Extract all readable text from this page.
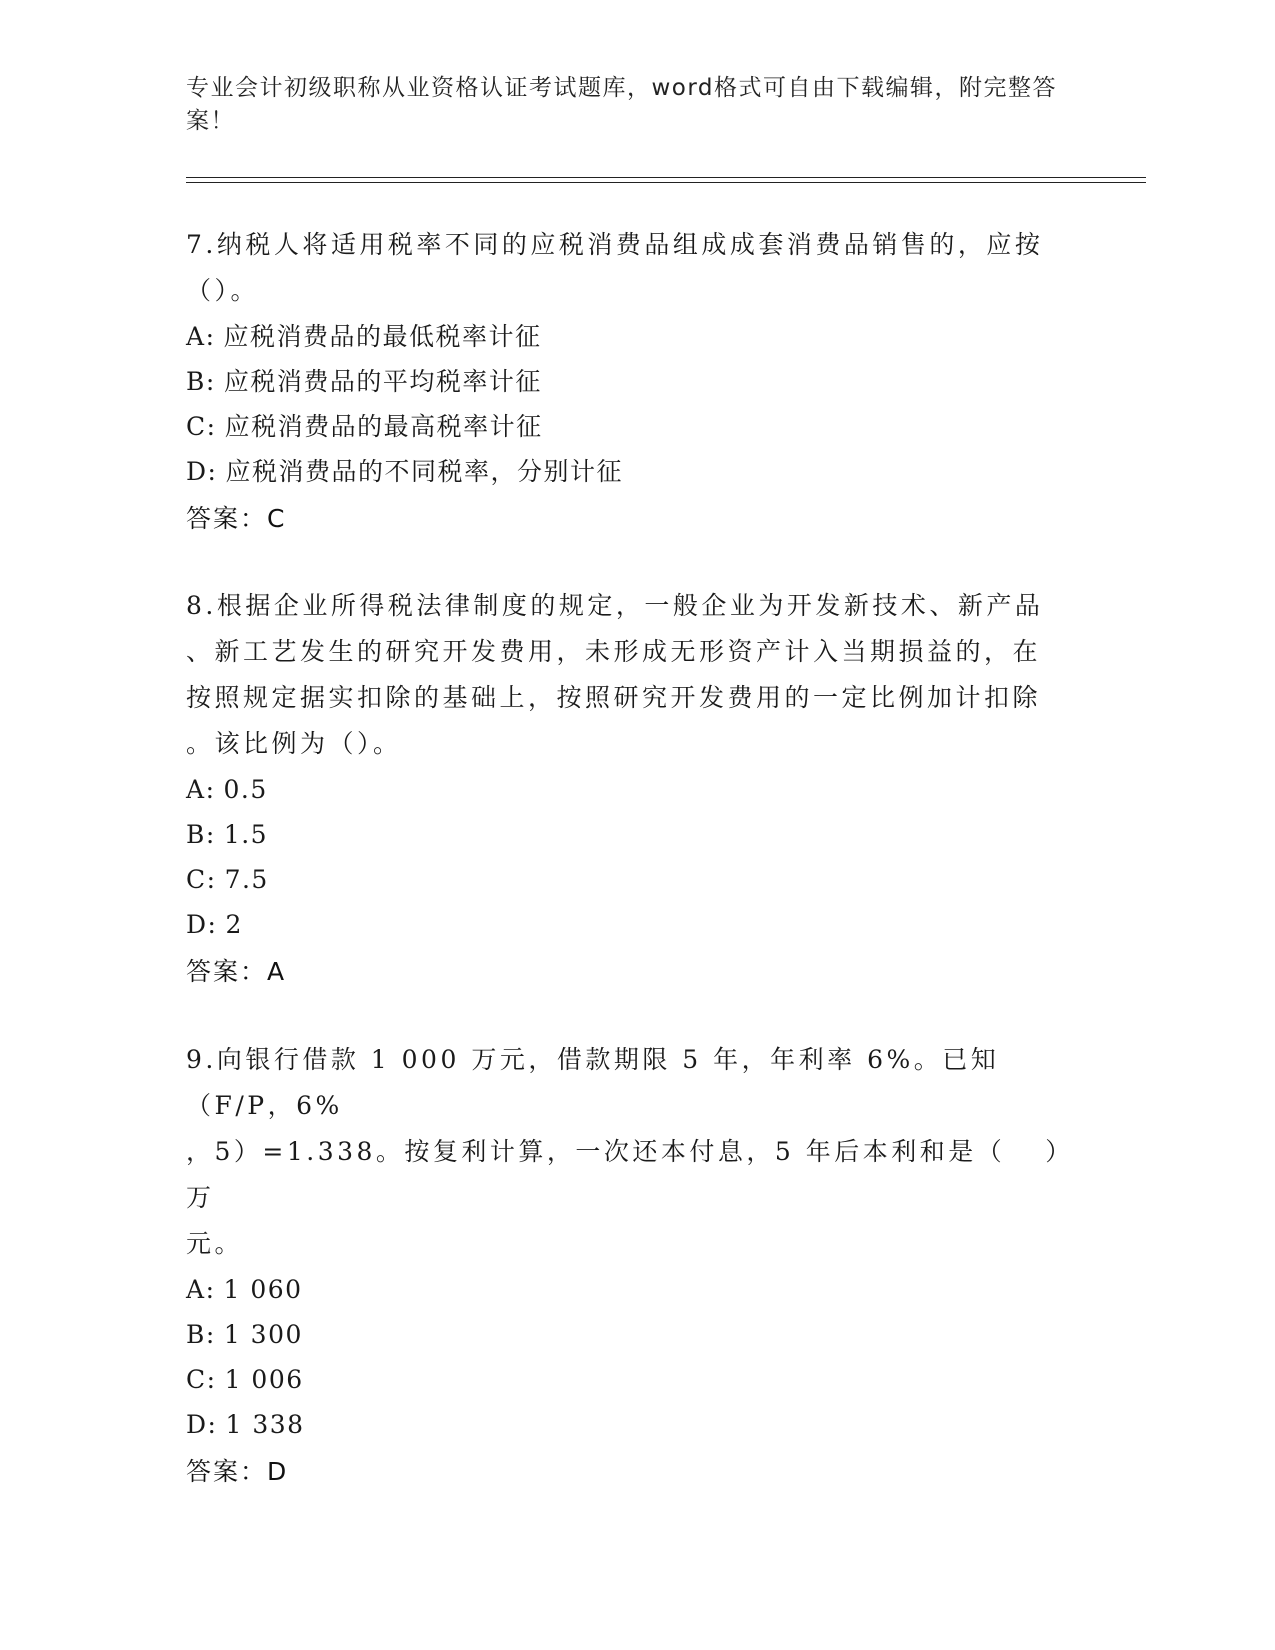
专业会计初级职称从业资格认证考试题库，word格式可自由下载编辑，附完整答
案！
7.纳税人将适用税率不同的应税消费品组成成套消费品销售的，应按
（）。
A: 应税消费品的最低税率计征
B: 应税消费品的平均税率计征
C: 应税消费品的最高税率计征
D: 应税消费品的不同税率，分别计征
答案：C
8.根据企业所得税法律制度的规定，一般企业为开发新技术、新产品
、新工艺发生的研究开发费用，未形成无形资产计入当期损益的，在
按照规定据实扣除的基础上，按照研究开发费用的一定比例加计扣除
。该比例为（）。
A: 0.5
B: 1.5
C: 7.5
D: 2
答案：A
9.向银行借款 1 000 万元，借款期限 5 年，年利率 6%。已知（F/P，6%
，5）=1.338。按复利计算，一次还本付息，5 年后本利和是（　 ）万
元。
A: 1 060
B: 1 300
C: 1 006
D: 1 338
答案：D
